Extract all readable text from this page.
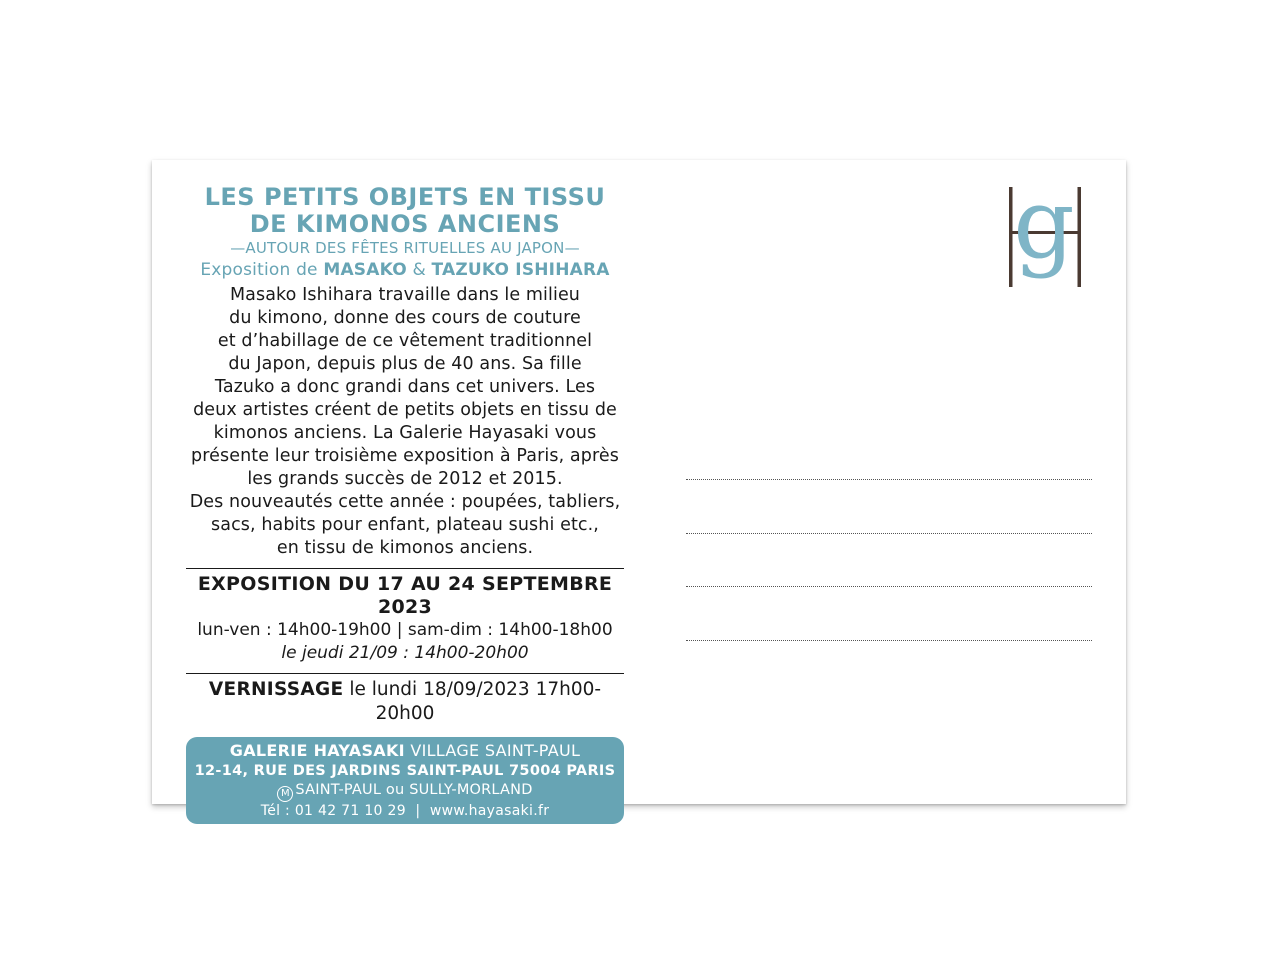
LES PETITS OBJETS EN TISSU
DE KIMONOS ANCIENS
—AUTOUR DES FÊTES RITUELLES AU JAPON—
Exposition de MASAKO & TAZUKO ISHIHARA
Masako Ishihara travaille dans le milieu
du kimono, donne des cours de couture
et d’habillage de ce vêtement traditionnel
du Japon, depuis plus de 40 ans. Sa fille
Tazuko a donc grandi dans cet univers. Les
deux artistes créent de petits objets en tissu de
kimonos anciens. La Galerie Hayasaki vous
présente leur troisième exposition à Paris, après
les grands succès de 2012 et 2015.
Des nouveautés cette année : poupées, tabliers,
sacs, habits pour enfant, plateau sushi etc.,
en tissu de kimonos anciens.
EXPOSITION DU 17 AU 24 SEPTEMBRE 2023
lun-ven : 14h00-19h00 | sam-dim : 14h00-18h00
le jeudi 21/09 : 14h00-20h00
VERNISSAGE le lundi 18/09/2023 17h00-20h00
GALERIE HAYASAKI VILLAGE SAINT-PAUL
12-14, RUE DES JARDINS SAINT-PAUL 75004 PARIS
M SAINT-PAUL ou SULLY-MORLAND
Tél : 01 42 71 10 29  |  www.hayasaki.fr
g
